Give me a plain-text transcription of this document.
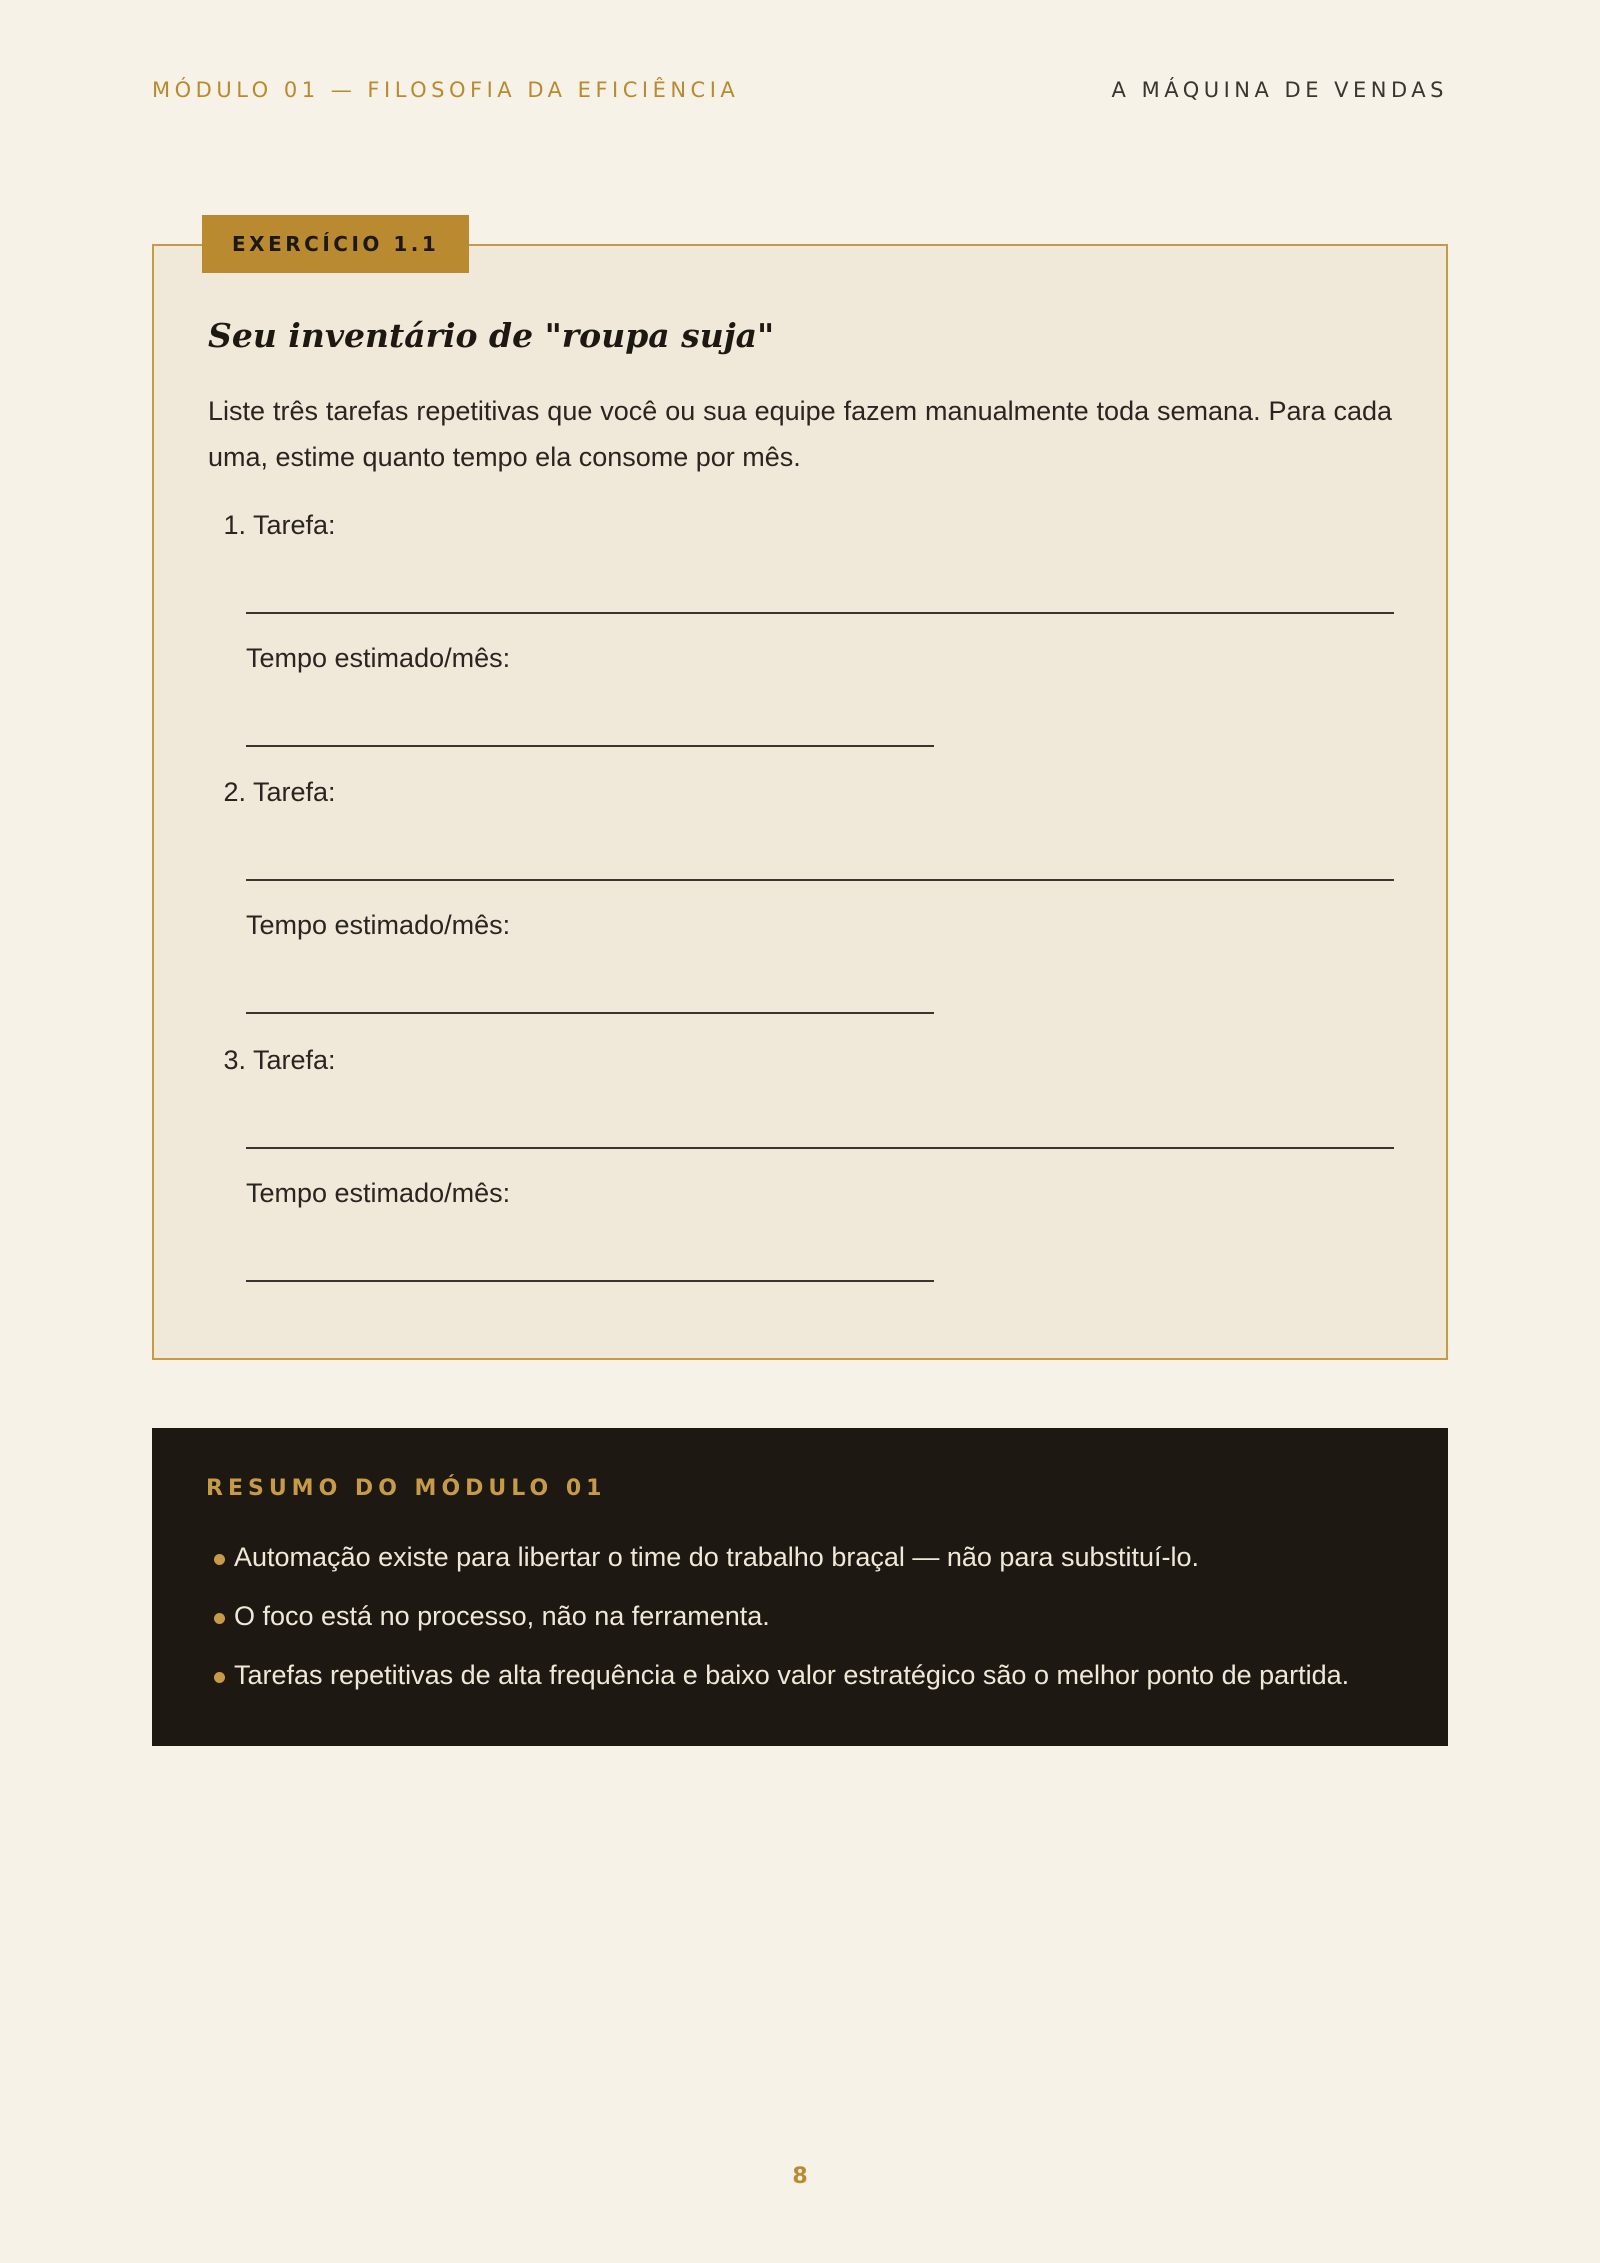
MÓDULO 01 — FILOSOFIA DA EFICIÊNCIA	A MÁQUINA DE VENDAS
EXERCÍCIO 1.1
Seu inventário de "roupa suja"

Liste três tarefas repetitivas que você ou sua equipe fazem manualmente toda semana. Para cada uma, estime quanto tempo ela consome por mês.

1. Tarefa:
Tempo estimado/mês:
2. Tarefa:
Tempo estimado/mês:
3. Tarefa:
Tempo estimado/mês:
RESUMO DO MÓDULO 01
Automação existe para libertar o time do trabalho braçal — não para substituí-lo.
O foco está no processo, não na ferramenta.
Tarefas repetitivas de alta frequência e baixo valor estratégico são o melhor ponto de partida.
8
